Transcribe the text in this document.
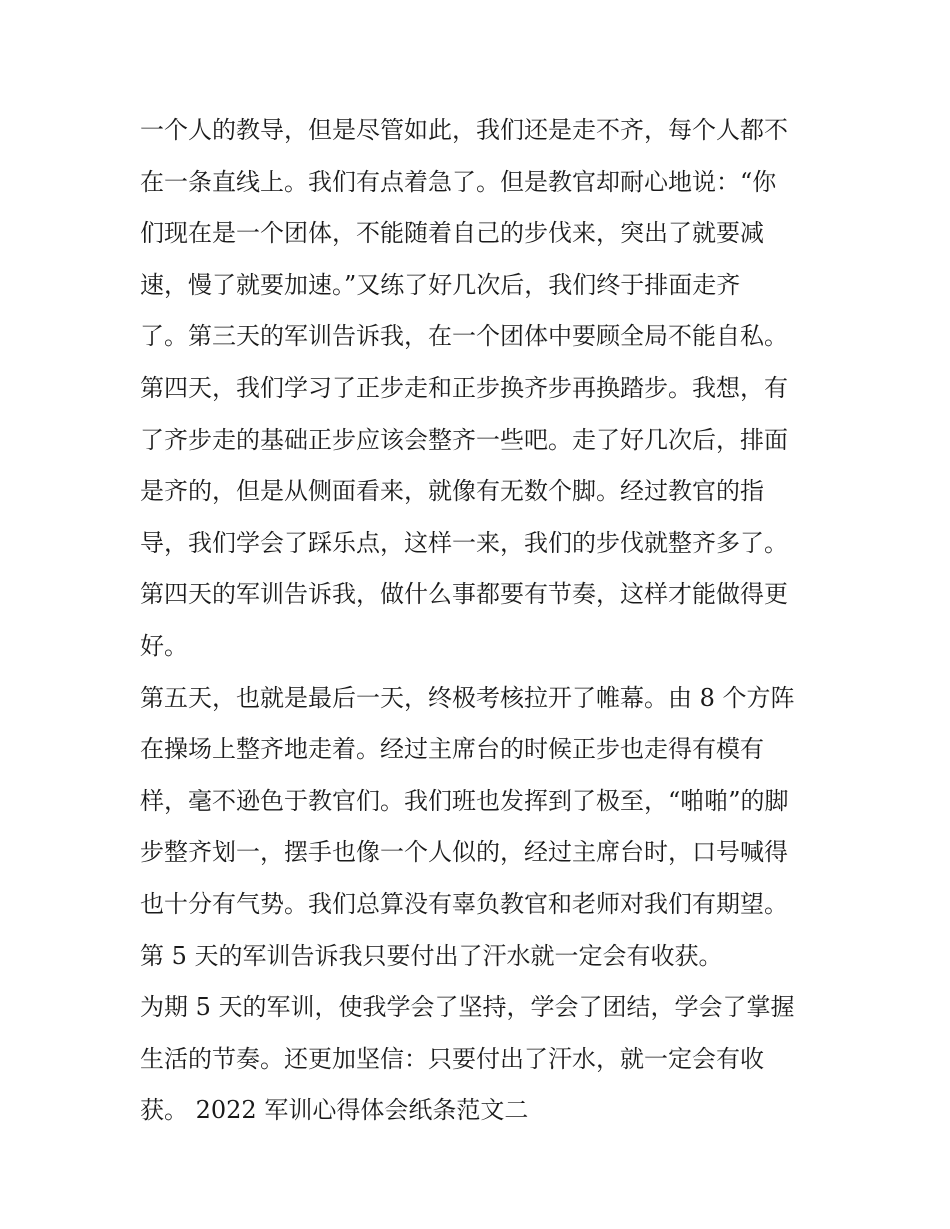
一个人的教导，但是尽管如此，我们还是走不齐，每个人都不
在一条直线上。我们有点着急了。但是教官却耐心地说：“你
们现在是一个团体，不能随着自己的步伐来，突出了就要减
速，慢了就要加速。”又练了好几次后，我们终于排面走齐
了。第三天的军训告诉我，在一个团体中要顾全局不能自私。
第四天，我们学习了正步走和正步换齐步再换踏步。我想，有
了齐步走的基础正步应该会整齐一些吧。走了好几次后，排面
是齐的，但是从侧面看来，就像有无数个脚。经过教官的指
导，我们学会了踩乐点，这样一来，我们的步伐就整齐多了。
第四天的军训告诉我，做什么事都要有节奏，这样才能做得更
好。
第五天，也就是最后一天，终极考核拉开了帷幕。由 8 个方阵
在操场上整齐地走着。经过主席台的时候正步也走得有模有
样，毫不逊色于教官们。我们班也发挥到了极至，“啪啪”的脚
步整齐划一，摆手也像一个人似的，经过主席台时，口号喊得
也十分有气势。我们总算没有辜负教官和老师对我们有期望。
第 5 天的军训告诉我只要付出了汗水就一定会有收获。
为期 5 天的军训，使我学会了坚持，学会了团结，学会了掌握
生活的节奏。还更加坚信：只要付出了汗水，就一定会有收
获。 2022 军训心得体会纸条范文二
